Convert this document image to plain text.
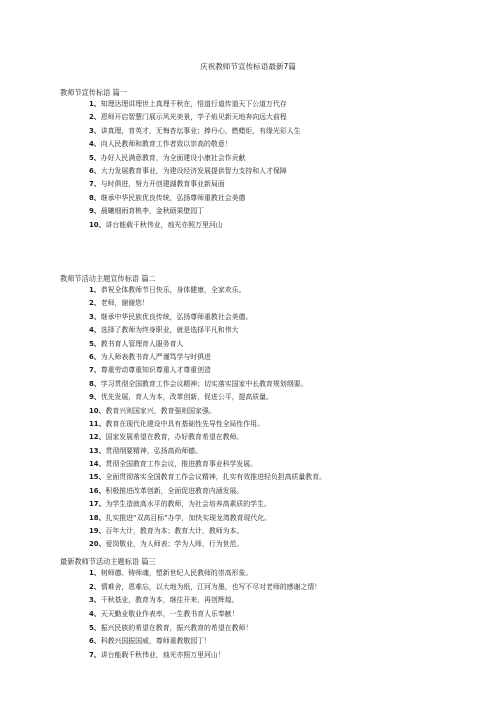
庆祝教师节宣传标语最新7篇
教师节宣传标语 篇一
1、知理达理讲理世上真理千秋在，悟道行道传道天下公道万代存
2、恩师开启智慧门展示风光美景，学子焰见新天地奔向远大前程
3、讲真理，育英才，无悔杏坛事业；捧丹心，燃蜡炬，有缘光彩人生
4、向人民教师和教育工作者致以崇高的敬意！
5、办好人民满意教育，为全面建设小康社会作贡献
6、大力发展教育事业，为建设经济发展提供智力支持和人才保障
7、与时俱进，努力开创建湖教育事业新局面
8、继承中华民族优良传统，弘扬尊师重教社会美德
9、晨曦细雨育桃李，金秋硕果壁园丁
10、讲台能载千秋伟业，烛光亦照万里河山
教师节活动主题宣传标语 篇二
1、恭祝全体教师节日快乐，身体健康，全家欢乐。
2、老师，谢谢您！
3、继承中华民族优良传统，弘扬尊师重教社会美德。
4、选择了教师为终身职业，就是选择平凡和伟大
5、教书育人管理育人服务育人
6、为人师表教书育人严谨笃学与时俱进
7、尊重劳动尊重知识尊重人才尊重创造
8、学习贯彻全国教育工作会议精神；切实落实国家中长教育规划纲要。
9、优先发展，育人为本，改革创新，促进公平，提高质量。
10、教育兴则国家兴，教育强则国家强。
11、教育在现代化建设中具有基础性先导性全局性作用。
12、国家发展希望在教育，办好教育希望在教师。
13、贯彻纲要精神，弘扬高尚师德。
14、贯彻全国教育工作会议，推进教育事业科学发展。
15、全面贯彻落实全国教育工作会议精神，扎实有效推进轻负担高质量教育。
16、积极推进改革创新，全面促进教育内涵发展。
17、为学生造就高水平的教师，为社会培养高素质的学生。
18、扎实推进“双高目标”办学，加快实现龙湾教育现代化。
19、百年大计，教育为本；教育大计，教师为本。
20、爱岗敬业，为人师表；学为人师，行为世范。
最新教师节活动主题标语 篇三
1、树师德、铸师魂，塑新世纪人民教师的崇高形象。
2、情难舍，恩难忘，以大地为纸，江河为墨，也写不尽对老师的感谢之情！
3、千秋基业，教育为本，继往开来，再创辉煌。
4、天天勤业敬业作表率，一生教书育人乐奉献！
5、振兴民族的希望在教育，振兴教育的希望在教师！
6、科教兴国振国威，尊师重教敬园丁！
7、讲台能载千秋伟业，烛光亦照万里河山！
